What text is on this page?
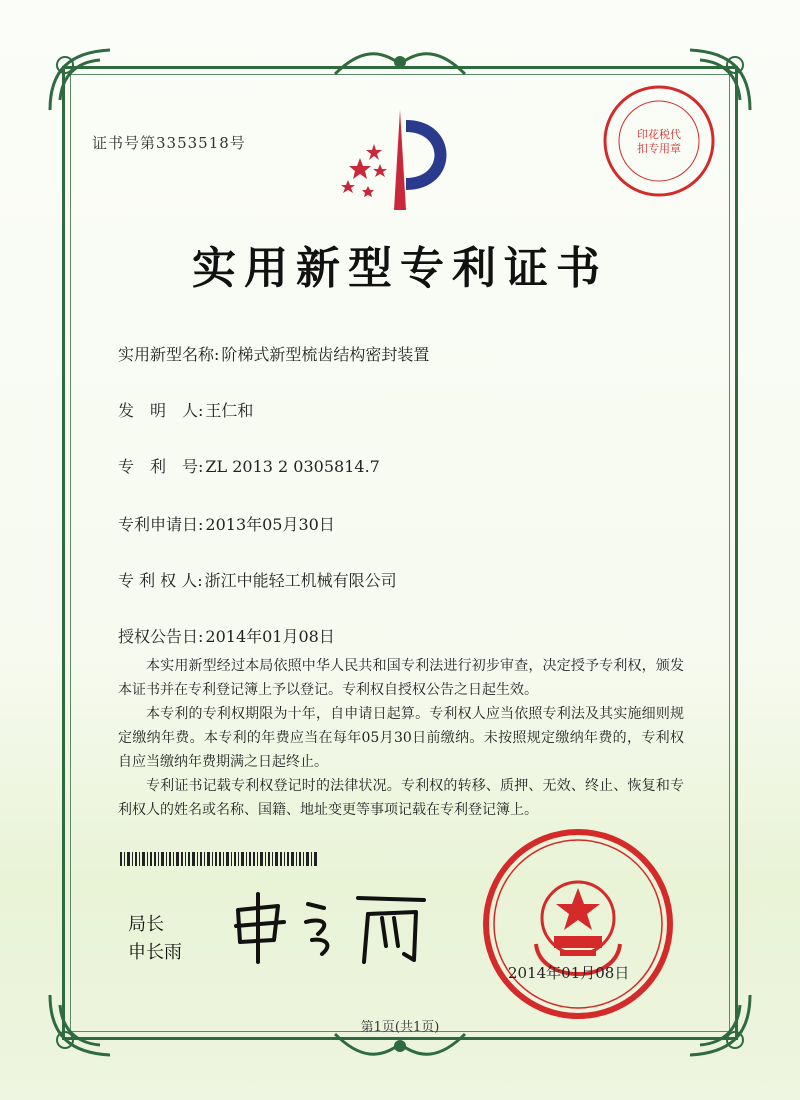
证书号第3353518号	印花税代扣专用章
实用新型专利证书
实用新型名称: 阶梯式新型梳齿结构密封装置
发　明　人: 王仁和
专　利　号: ZL 2013 2 0305814.7
专利申请日: 2013年05月30日
专 利 权 人: 浙江中能轻工机械有限公司
授权公告日: 2014年01月08日

本实用新型经过本局依照中华人民共和国专利法进行初步审查，决定授予专利权，颁发本证书并在专利登记簿上予以登记。专利权自授权公告之日起生效。

本专利的专利权期限为十年，自申请日起算。专利权人应当依照专利法及其实施细则规定缴纳年费。本专利的年费应当在每年05月30日前缴纳。未按照规定缴纳年费的，专利权自应当缴纳年费期满之日起终止。

专利证书记载专利权登记时的法律状况。专利权的转移、质押、无效、终止、恢复和专利权人的姓名或名称、国籍、地址变更等事项记载在专利登记簿上。

局长
申长雨
2014年01月08日
第1页(共1页)
